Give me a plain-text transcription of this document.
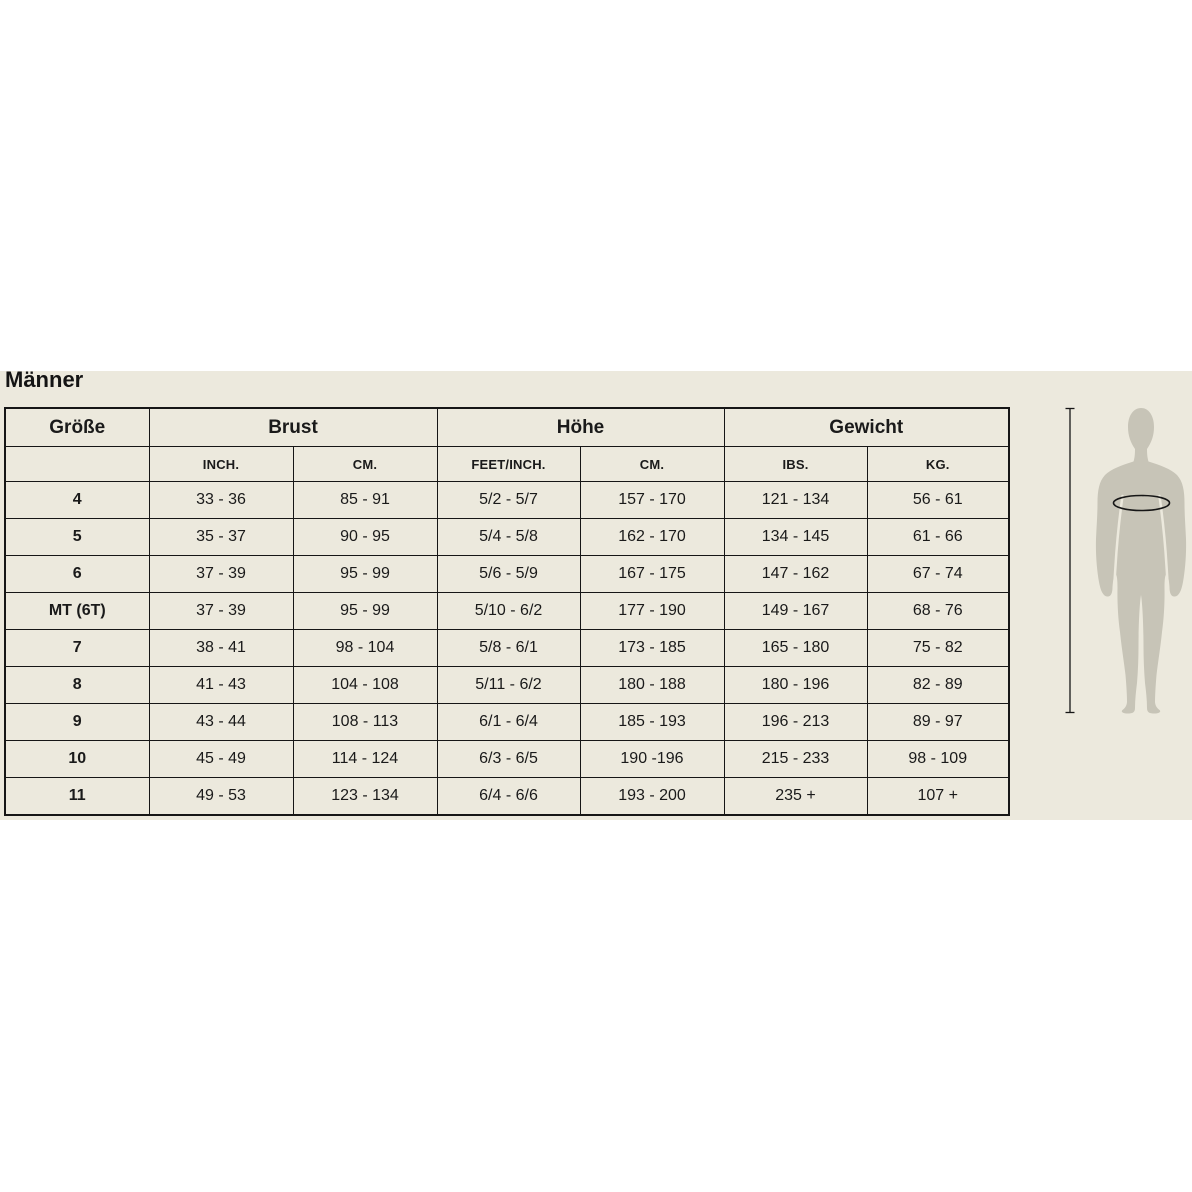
Männer
Größe	Brust		Höhe		Gewicht	
	INCH.	CM.	FEET/INCH.	CM.	IBS.	KG.
4	33 - 36	85 - 91	5/2 - 5/7	157 - 170	121 - 134	56 - 61
5	35 - 37	90 - 95	5/4 - 5/8	162 - 170	134 - 145	61 - 66
6	37 - 39	95 - 99	5/6 - 5/9	167 - 175	147 - 162	67 - 74
MT (6T)	37 - 39	95 - 99	5/10 - 6/2	177 - 190	149 - 167	68 - 76
7	38 - 41	98 - 104	5/8 - 6/1	173 - 185	165 - 180	75 - 82
8	41 - 43	104 - 108	5/11 - 6/2	180 - 188	180 - 196	82 - 89
9	43 - 44	108 - 113	6/1 - 6/4	185 - 193	196 - 213	89 - 97
10	45 - 49	114 - 124	6/3 - 6/5	190 -196	215 - 233	98 - 109
11	49 - 53	123 - 134	6/4 - 6/6	193 - 200	235 +	107 +
